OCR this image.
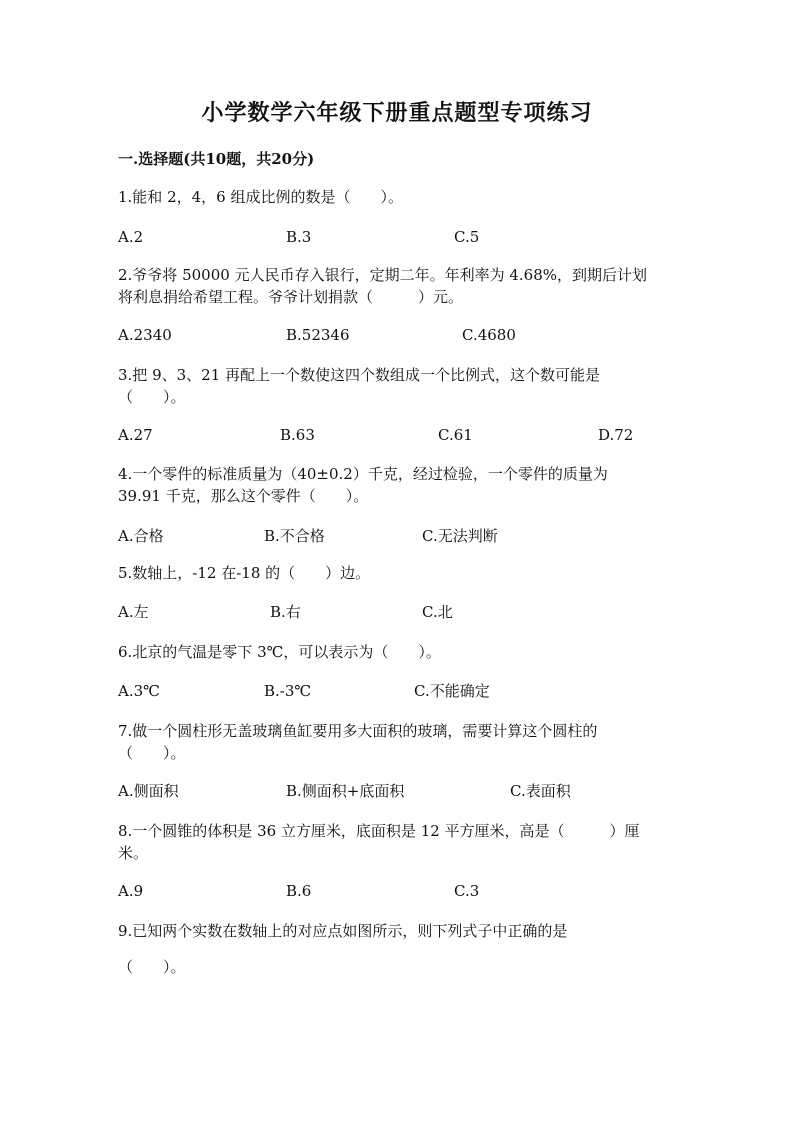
小学数学六年级下册重点题型专项练习
一.选择题(共10题，共20分)

1.能和 2，4，6 组成比例的数是（　　）。

A.2	B.3	C.5

2.爷爷将 50000 元人民币存入银行，定期二年。年利率为 4.68%，到期后计划

将利息捐给希望工程。爷爷计划捐款（　　　）元。

A.2340	B.52346	C.4680

3.把 9、3、21 再配上一个数使这四个数组成一个比例式，这个数可能是

（　　）。

A.27	B.63	C.61	D.72

4.一个零件的标准质量为（40±0.2）千克，经过检验，一个零件的质量为

39.91 千克，那么这个零件（　　）。

A.合格	B.不合格	C.无法判断

5.数轴上，-12 在-18 的（　　）边。

A.左	B.右	C.北

6.北京的气温是零下 3℃，可以表示为（　　）。

A.3℃	B.-3℃	C.不能确定

7.做一个圆柱形无盖玻璃鱼缸要用多大面积的玻璃，需要计算这个圆柱的

（　　）。

A.侧面积	B.侧面积+底面积	C.表面积

8.一个圆锥的体积是 36 立方厘米，底面积是 12 平方厘米，高是（　　　）厘

米。

A.9	B.6	C.3

9.已知两个实数在数轴上的对应点如图所示，则下列式子中正确的是

（　　）。
